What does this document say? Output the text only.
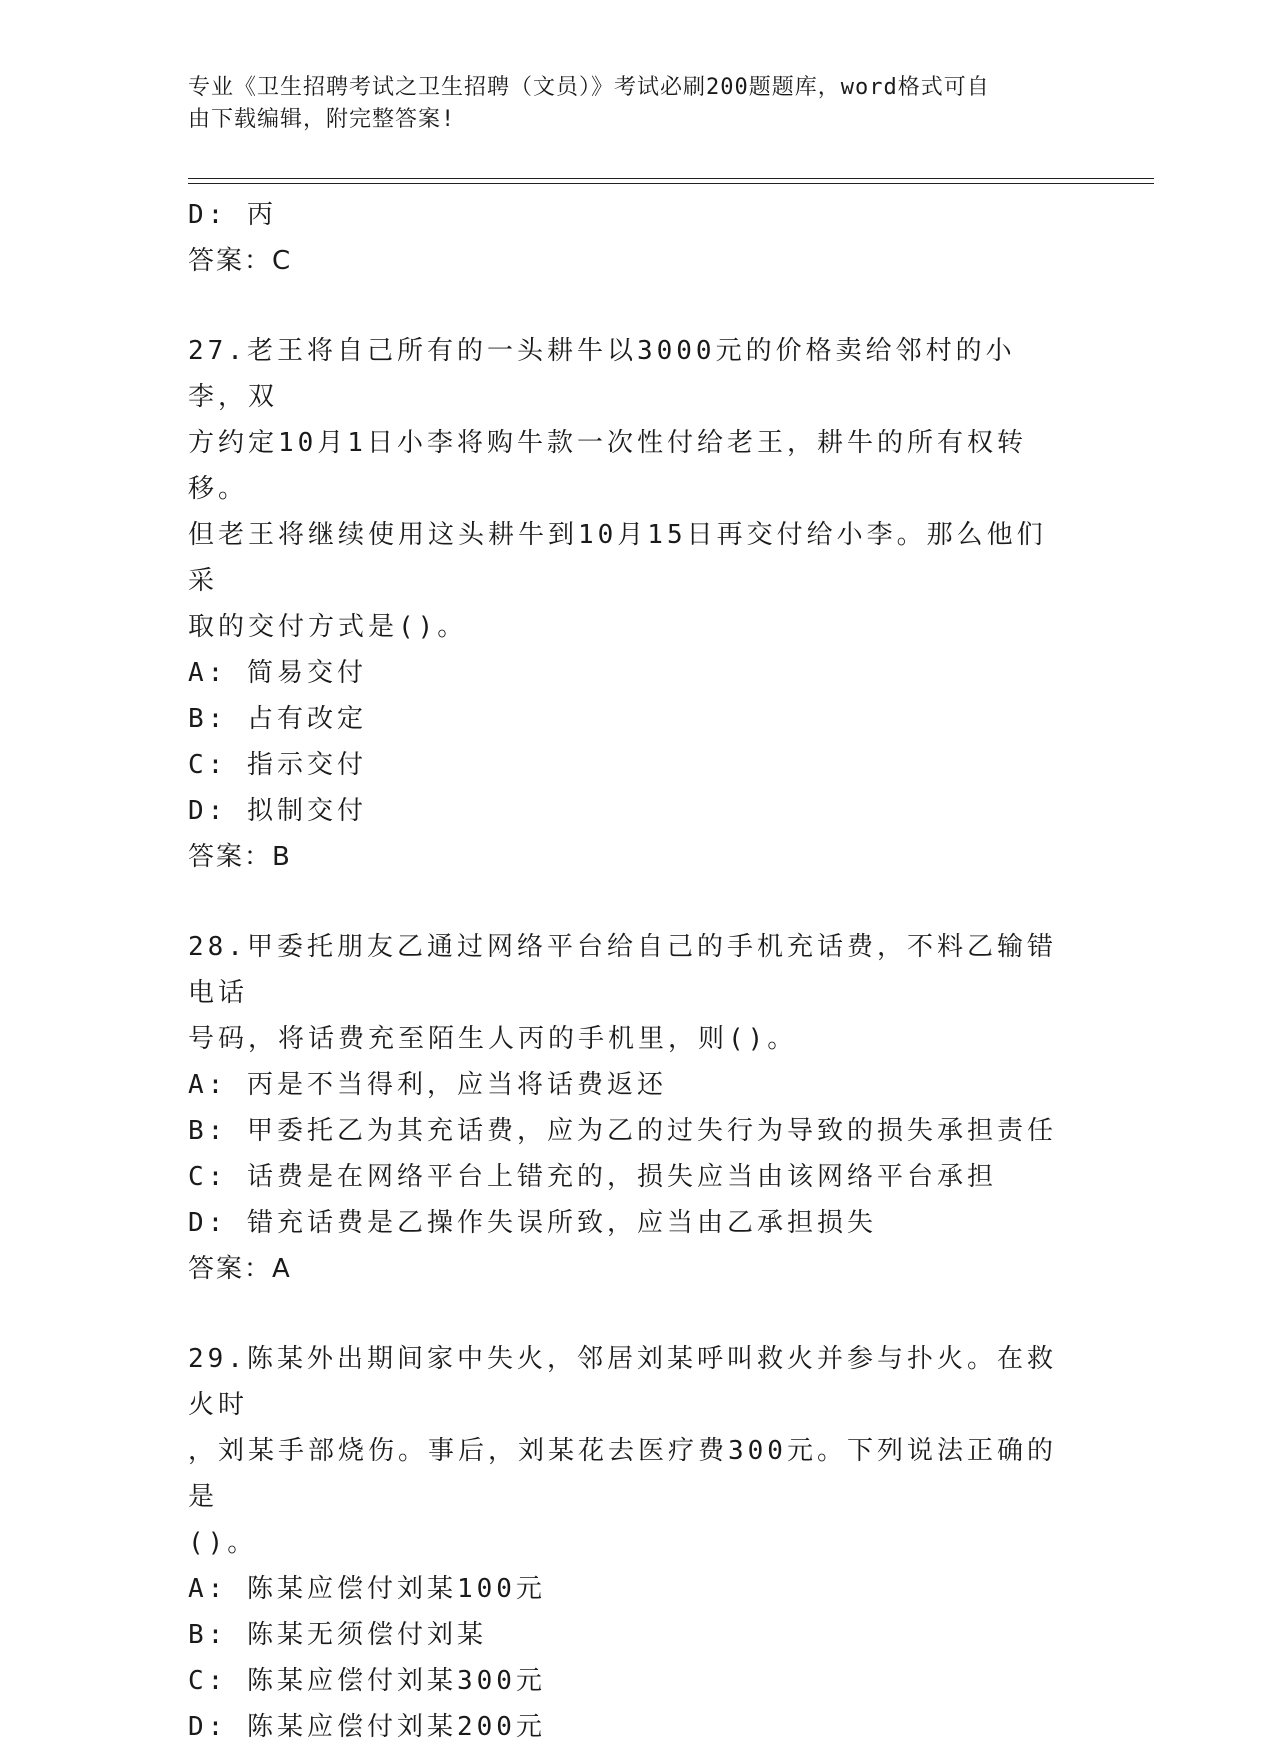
专业《卫生招聘考试之卫生招聘（文员）》考试必刷200题题库，word格式可自
由下载编辑，附完整答案!
D: 丙
答案：C
27.老王将自己所有的一头耕牛以3000元的价格卖给邻村的小李，双
方约定10月1日小李将购牛款一次性付给老王，耕牛的所有权转移。
但老王将继续使用这头耕牛到10月15日再交付给小李。那么他们采
取的交付方式是()。
A: 简易交付
B: 占有改定
C: 指示交付
D: 拟制交付
答案：B
28.甲委托朋友乙通过网络平台给自己的手机充话费，不料乙输错电话
号码，将话费充至陌生人丙的手机里，则()。
A: 丙是不当得利，应当将话费返还
B: 甲委托乙为其充话费，应为乙的过失行为导致的损失承担责任
C: 话费是在网络平台上错充的，损失应当由该网络平台承担
D: 错充话费是乙操作失误所致，应当由乙承担损失
答案：A
29.陈某外出期间家中失火，邻居刘某呼叫救火并参与扑火。在救火时
，刘某手部烧伤。事后，刘某花去医疗费300元。下列说法正确的是
()。
A: 陈某应偿付刘某100元
B: 陈某无须偿付刘某
C: 陈某应偿付刘某300元
D: 陈某应偿付刘某200元
